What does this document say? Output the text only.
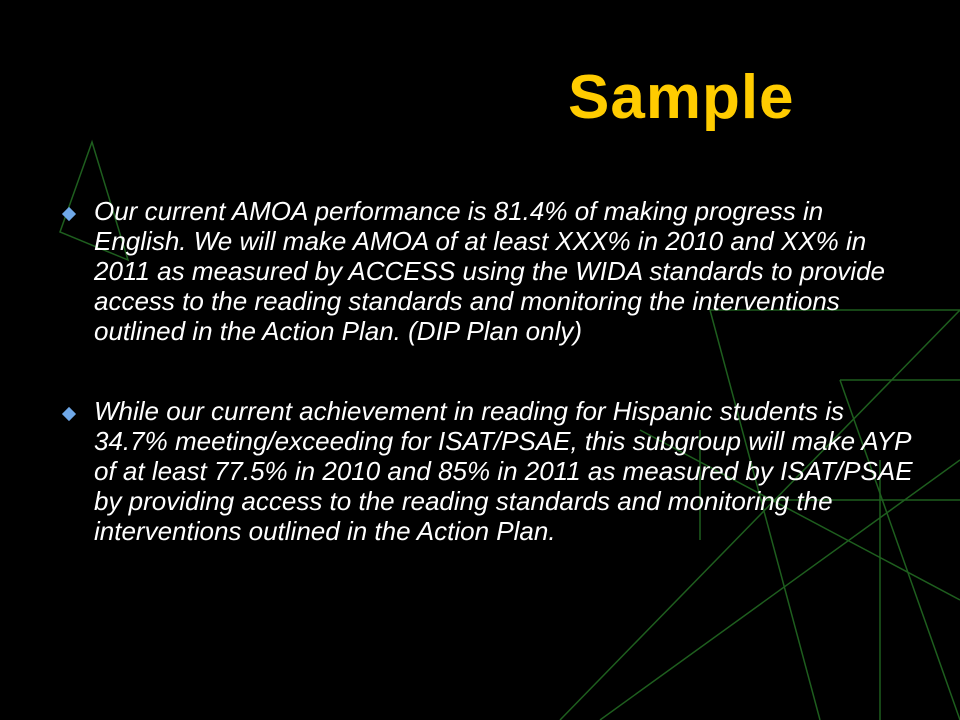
Sample
Our current AMOA performance is 81.4% of making progress in English. We will make AMOA of at least XXX% in 2010 and XX% in 2011 as measured by ACCESS using the WIDA standards to provide access to the reading standards and monitoring the interventions outlined in the Action Plan. (DIP Plan only)
While our current achievement in reading for Hispanic students is 34.7% meeting/exceeding for ISAT/PSAE, this subgroup will make AYP of at least 77.5% in 2010 and 85% in 2011 as measured by ISAT/PSAE by providing access to the reading standards and monitoring the interventions outlined in the Action Plan.
